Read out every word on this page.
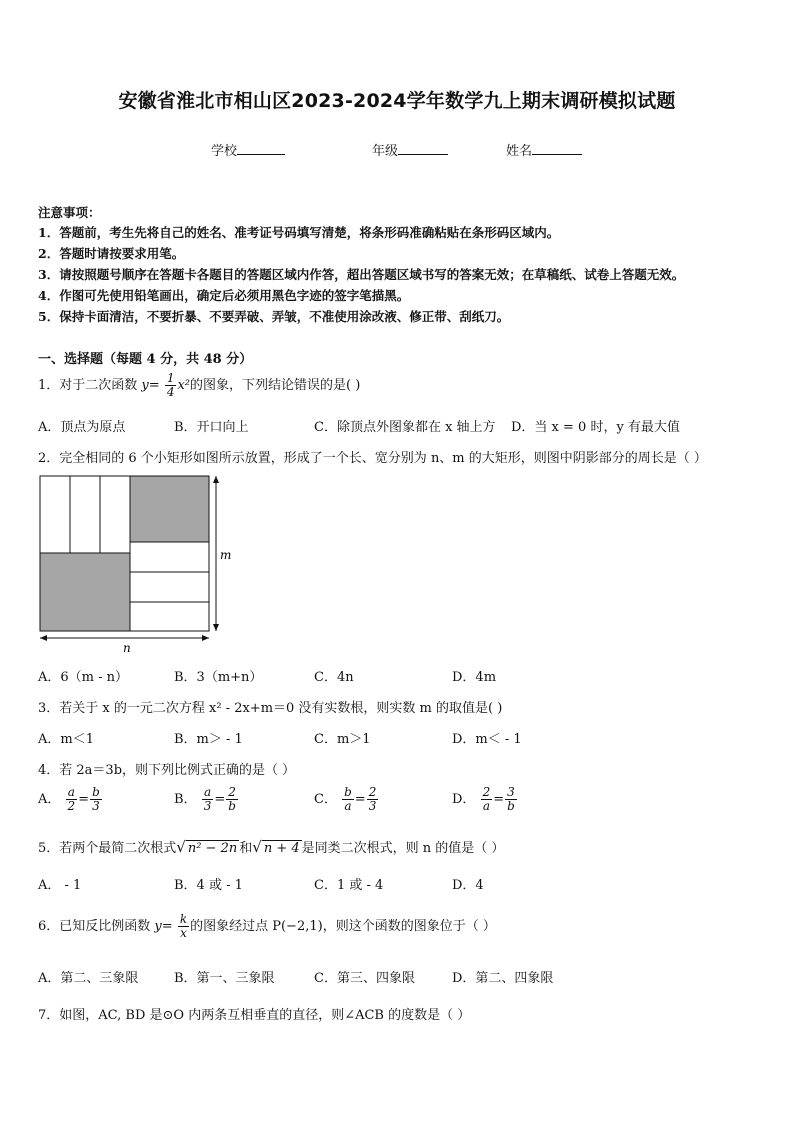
安徽省淮北市相山区2023-2024学年数学九上期末调研模拟试题
学校	年级	姓名
注意事项：
1．答题前，考生先将自己的姓名、准考证号码填写清楚，将条形码准确粘贴在条形码区域内。
2．答题时请按要求用笔。
3．请按照题号顺序在答题卡各题目的答题区域内作答，超出答题区域书写的答案无效；在草稿纸、试卷上答题无效。
4．作图可先使用铅笔画出，确定后必须用黑色字迹的签字笔描黑。
5．保持卡面清洁，不要折暴、不要弄破、弄皱，不准使用涂改液、修正带、刮纸刀。
一、选择题（每题 4 分，共 48 分）
1．对于二次函数 $y= \frac{1}{4} x^2$的图象，下列结论错误的是( )
A．顶点为原点	B．开口向上	C．除顶点外图象都在 x 轴上方 D．当 x = 0 时，y 有最大值
2．完全相同的 6 个小矩形如图所示放置，形成了一个长、宽分别为 n、m 的大矩形，则图中阴影部分的周长是（ ）
m
n
A．6（m - n）	B．3（m+n）	C．4n	D．4m
3．若关于 x 的一元二次方程 x² - 2x+m＝0 没有实数根，则实数 m 的取值是( )
A．m＜1	B．m＞ - 1	C．m＞1	D．m＜ - 1
4．若 2a＝3b，则下列比例式正确的是（ ）
A． $\frac{a}{2} = \frac{b}{3}$	B． $\frac{a}{3} = \frac{2}{b}$	C． $\frac{b}{a} = \frac{2}{3}$	D． $\frac{2}{a} = \frac{3}{b}$
5．若两个最简二次根式√ n² − 2n 和√ n + 4 是同类二次根式，则 n 的值是（ ）
A． - 1	B．4 或 - 1	C．1 或 - 4	D．4
6．已知反比例函数 $y= \frac{k}{x}$ 的图象经过点 P(−2,1)，则这个函数的图象位于（ ）
A．第二、三象限	B．第一、三象限	C．第三、四象限	D．第二、四象限
7．如图，AC, BD 是⊙O 内两条互相垂直的直径，则∠ACB 的度数是（ ）
